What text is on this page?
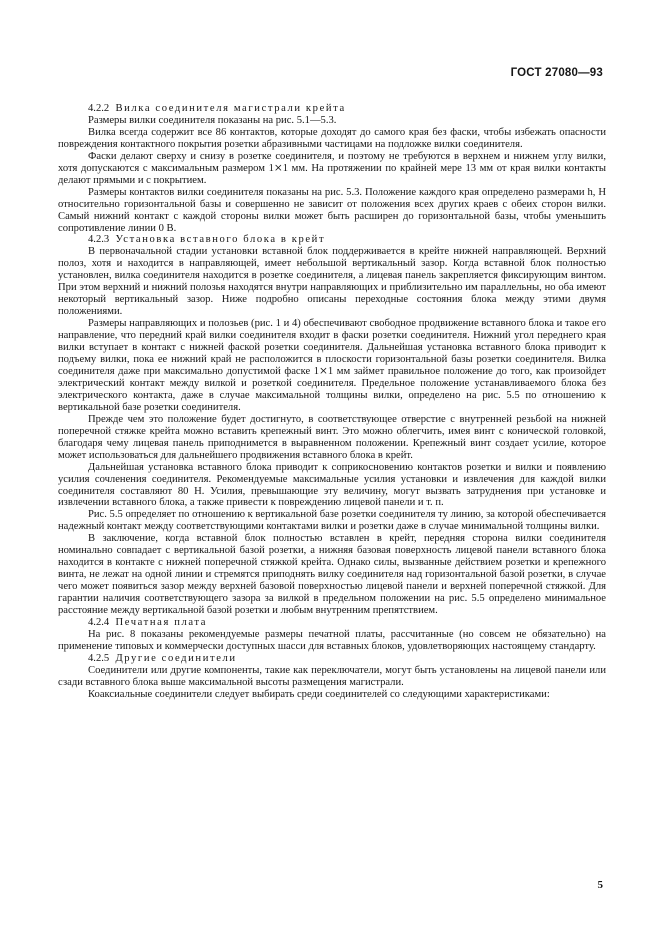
ГОСТ 27080—93
4.2.2 Вилка соединителя магистрали крейта

Размеры вилки соединителя показаны на рис. 5.1—5.3.

Вилка всегда содержит все 86 контактов, которые доходят до самого края без фаски, чтобы избежать опасности повреждения контактного покрытия розетки абразивными частицами на подложке вилки соединителя.

Фаски делают сверху и снизу в розетке соединителя, и поэтому не требуются в верхнем и нижнем углу вилки, хотя допускаются с максимальным размером 1⨯1 мм. На протяжении по крайней мере 13 мм от края вилки контакты делают прямыми и с покрытием.

Размеры контактов вилки соединителя показаны на рис. 5.3. Положение каждого края определено размерами h, H относительно горизонтальной базы и совершенно не зависит от положения всех других краев с обеих сторон вилки. Самый нижний контакт с каждой стороны вилки может быть расширен до горизонтальной базы, чтобы уменьшить сопротивление линии 0 В.

4.2.3 Установка вставного блока в крейт

В первоначальной стадии установки вставной блок поддерживается в крейте нижней направляющей. Верхний полоз, хотя и находится в направляющей, имеет небольшой вертикальный зазор. Когда вставной блок полностью установлен, вилка соединителя находится в розетке соединителя, а лицевая панель закрепляется фиксирующим винтом. При этом верхний и нижний полозья находятся внутри направляющих и приблизительно им параллельны, но оба имеют некоторый вертикальный зазор. Ниже подробно описаны переходные состояния блока между этими двумя положениями.

Размеры направляющих и полозьев (рис. 1 и 4) обеспечивают свободное продвижение вставного блока и такое его направление, что передний край вилки соединителя входит в фаски розетки соединителя. Нижний угол переднего края вилки вступает в контакт с нижней фаской розетки соединителя. Дальнейшая установка вставного блока приводит к подъему вилки, пока ее нижний край не расположится в плоскости горизонтальной базы розетки соединителя. Вилка соединителя даже при максимально допустимой фаске 1⨯1 мм займет правильное положение до того, как произойдет электрический контакт между вилкой и розеткой соединителя. Предельное положение устанавливаемого блока без электрического контакта, даже в случае максимальной толщины вилки, определено на рис. 5.5 по отношению к вертикальной базе розетки соединителя.

Прежде чем это положение будет достигнуто, в соответствующее отверстие с внутренней резьбой на нижней поперечной стяжке крейта можно вставить крепежный винт. Это можно облегчить, имея винт с конической головкой, благодаря чему лицевая панель приподнимется в выравненном положении. Крепежный винт создает усилие, которое может использоваться для дальнейшего продвижения вставного блока в крейт.

Дальнейшая установка вставного блока приводит к соприкосновению контактов розетки и вилки и появлению усилия сочленения соединителя. Рекомендуемые максимальные усилия установки и извлечения для каждой вилки соединителя составляют 80 Н. Усилия, превышающие эту величину, могут вызвать затруднения при установке и извлечении вставного блока, а также привести к повреждению лицевой панели и т. п.

Рис. 5.5 определяет по отношению к вертикальной базе розетки соединителя ту линию, за которой обеспечивается надежный контакт между соответствующими контактами вилки и розетки даже в случае минимальной толщины вилки.

В заключение, когда вставной блок полностью вставлен в крейт, передняя сторона вилки соединителя номинально совпадает с вертикальной базой розетки, а нижняя базовая поверхность лицевой панели вставного блока находится в контакте с нижней поперечной стяжкой крейта. Однако силы, вызванные действием розетки и крепежного винта, не лежат на одной линии и стремятся приподнять вилку соединителя над горизонтальной базой розетки, в случае чего может появиться зазор между верхней базовой поверхностью лицевой панели и верхней поперечной стяжкой. Для гарантии наличия соответствующего зазора за вилкой в предельном положении на рис. 5.5 определено минимальное расстояние между вертикальной базой розетки и любым внутренним препятствием.

4.2.4 Печатная плата

На рис. 8 показаны рекомендуемые размеры печатной платы, рассчитанные (но совсем не обязательно) на применение типовых и коммерчески доступных шасси для вставных блоков, удовлетворяющих настоящему стандарту.

4.2.5 Другие соединители

Соединители или другие компоненты, такие как переключатели, могут быть установлены на лицевой панели или сзади вставного блока выше максимальной высоты размещения магистрали.

Коаксиальные соединители следует выбирать среди соединителей со следующими характеристиками:

5
